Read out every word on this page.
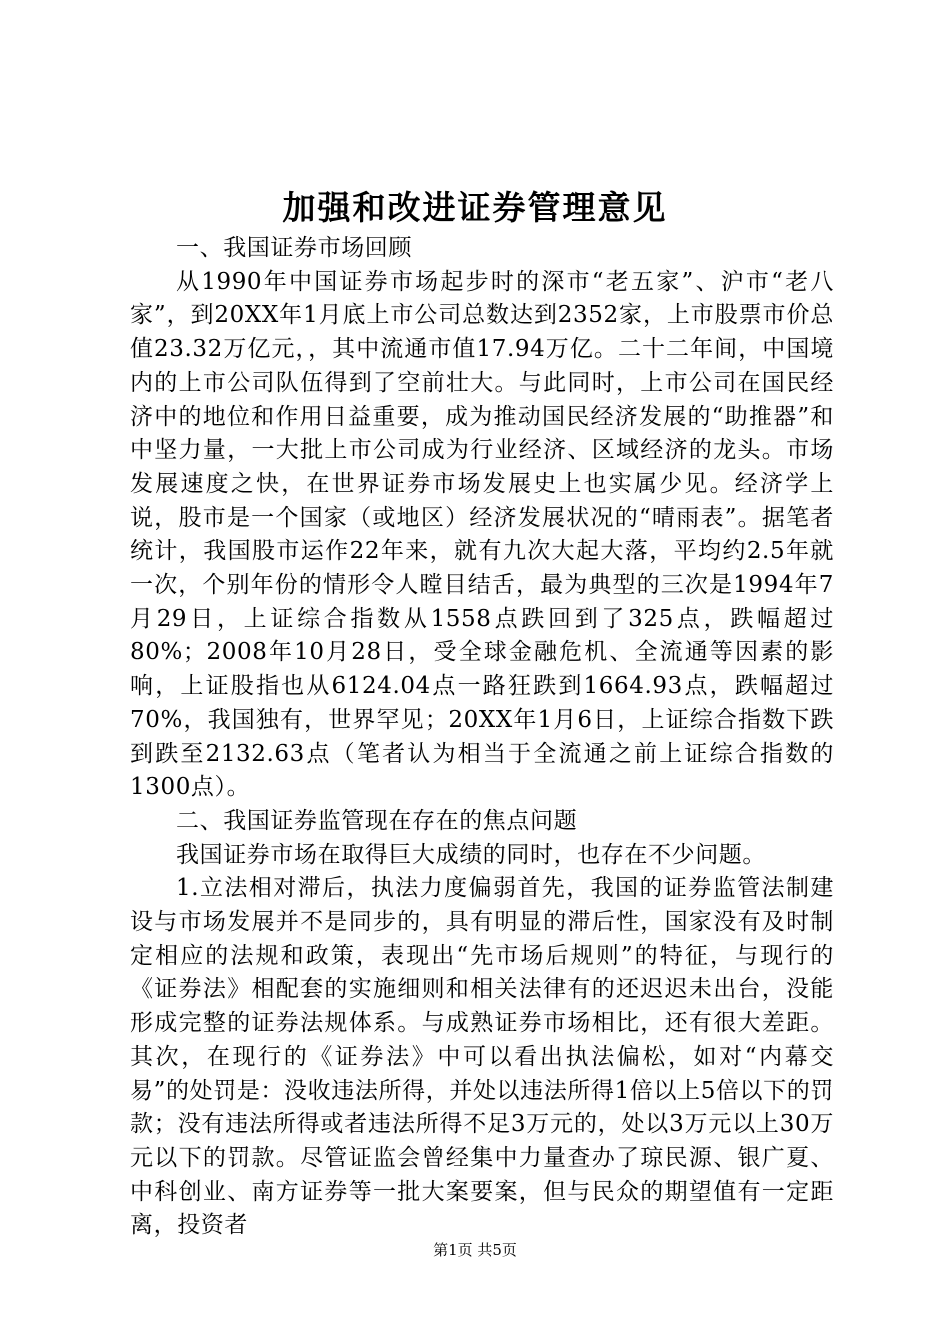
加强和改进证券管理意见

一、我国证券市场回顾

从1990年中国证券市场起步时的深市“老五家”、沪市“老八家”，到20XX年1月底上市公司总数达到2352家，上市股票市价总值23.32万亿元，，其中流通市值17.94万亿。二十二年间，中国境内的上市公司队伍得到了空前壮大。与此同时，上市公司在国民经济中的地位和作用日益重要，成为推动国民经济发展的“助推器”和中坚力量，一大批上市公司成为行业经济、区域经济的龙头。市场发展速度之快，在世界证券市场发展史上也实属少见。经济学上说，股市是一个国家（或地区）经济发展状况的“晴雨表”。据笔者统计，我国股市运作22年来，就有九次大起大落，平均约2.5年就一次，个别年份的情形令人瞠目结舌，最为典型的三次是1994年7月29日，上证综合指数从1558点跌回到了325点，跌幅超过80%；2008年10月28日，受全球金融危机、全流通等因素的影响，上证股指也从6124.04点一路狂跌到1664.93点，跌幅超过70%，我国独有，世界罕见；20XX年1月6日，上证综合指数下跌到跌至2132.63点（笔者认为相当于全流通之前上证综合指数的1300点）。

二、我国证券监管现在存在的焦点问题

我国证券市场在取得巨大成绩的同时，也存在不少问题。

1.立法相对滞后，执法力度偏弱首先，我国的证券监管法制建设与市场发展并不是同步的，具有明显的滞后性，国家没有及时制定相应的法规和政策，表现出“先市场后规则”的特征，与现行的《证券法》相配套的实施细则和相关法律有的还迟迟未出台，没能形成完整的证券法规体系。与成熟证券市场相比，还有很大差距。其次，在现行的《证券法》中可以看出执法偏松，如对“内幕交易”的处罚是：没收违法所得，并处以违法所得1倍以上5倍以下的罚款；没有违法所得或者违法所得不足3万元的，处以3万元以上30万元以下的罚款。尽管证监会曾经集中力量查办了琼民源、银广夏、中科创业、南方证券等一批大案要案，但与民众的期望值有一定距离，投资者

第1页 共5页
